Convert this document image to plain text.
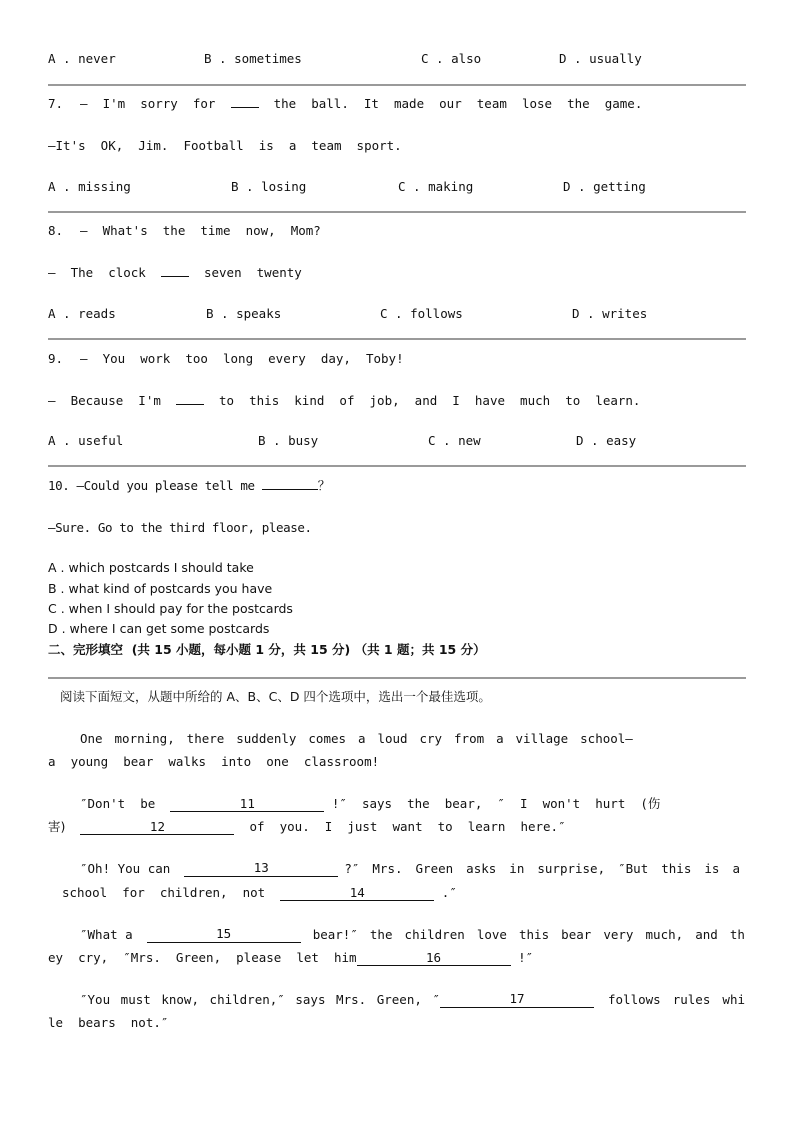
A . never	B . sometimes	C . also	D . usually
7. —  I'm  sorry  for	the  ball.  It  made  our  team  lose  the  game.
—It's  OK,  Jim.  Football  is  a  team  sport.
A . missing	B . losing	C . making	D . getting
8. —  What's  the  time  now,  Mom?
—  The  clock	seven  twenty
A . reads	B . speaks	C . follows	D . writes
9. —  You  work  too  long  every  day,  Toby!
—  Because  I'm	to  this  kind  of  job,  and  I  have  much  to  learn.
A . useful	B . busy	C . new	D . easy
10. —Could you please tell me	？
—Sure. Go to the third floor, please.
A . which postcards I should take
B . what kind of postcards you have
C . when I should pay for the postcards
D . where I can get some postcards
二、完形填空  (共 15 小题，每小题 1 分，共 15 分) （共 1 题；共 15 分）
阅读下面短文，从题中所给的 A、B、C、D 四个选项中，选出一个最佳选项。
One morning, there suddenly comes a loud cry from a village school—
a  young  bear  walks  into  one  classroom!
″Don't  be	11	!″  says  the  bear,  ″  I  won't  hurt  (伤
害)	12	of  you.  I  just  want  to  learn  here.″
″Oh! You can	13	?″ Mrs. Green asks in surprise, ″But this is a
school  for  children,  not	14	.″
″What a	15	bear!″ the children love this bear very much, and th
ey  cry,  ″Mrs.  Green,  please  let  him	16	!″
″You must know, children,″ says Mrs. Green, ″	17	follows rules whi
le  bears  not.″
